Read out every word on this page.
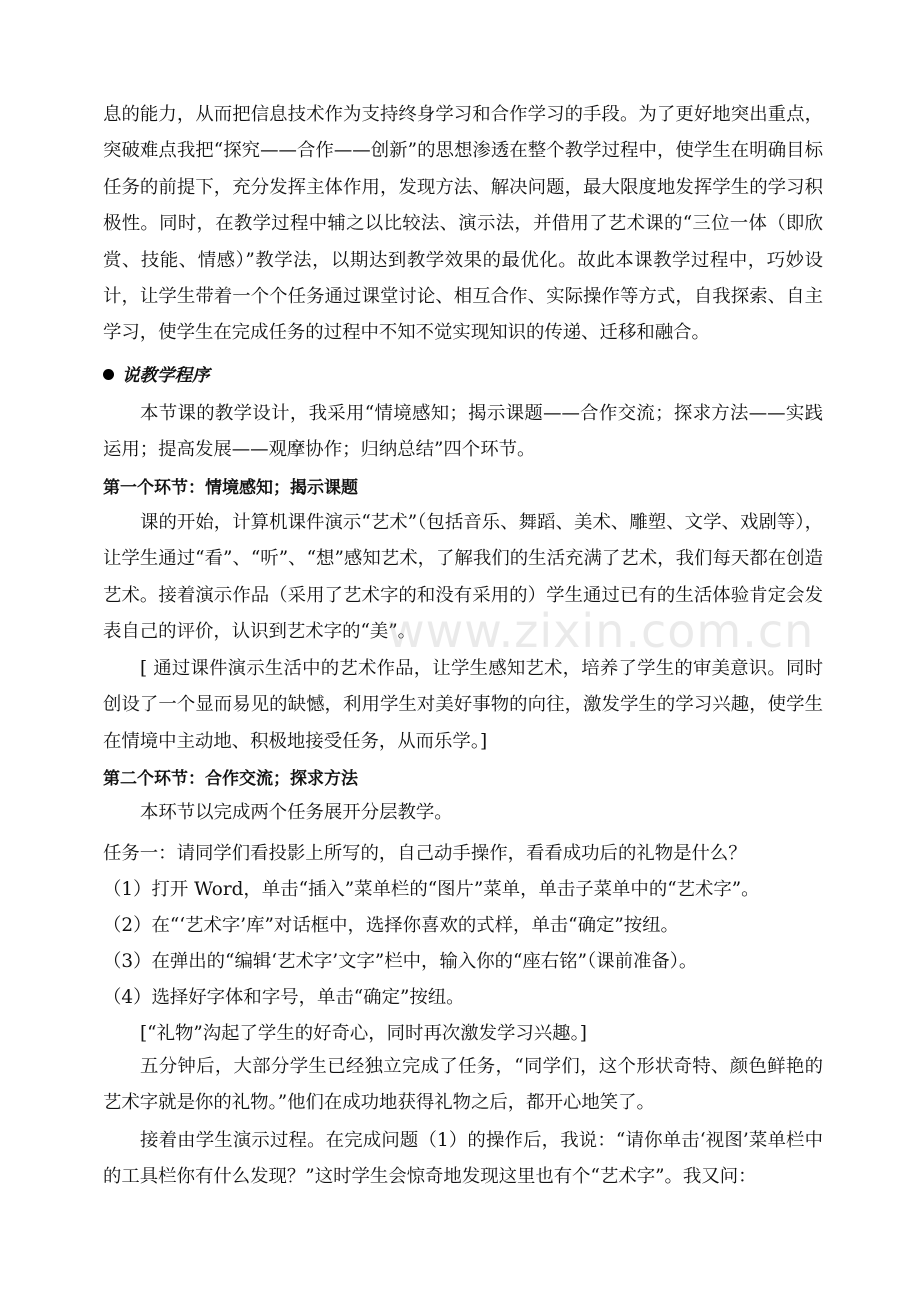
息的能力，从而把信息技术作为支持终身学习和合作学习的手段。为了更好地突出重点，突破难点我把“探究——合作——创新”的思想渗透在整个教学过程中，使学生在明确目标任务的前提下，充分发挥主体作用，发现方法、解决问题，最大限度地发挥学生的学习积极性。同时，在教学过程中辅之以比较法、演示法，并借用了艺术课的“三位一体（即欣赏、技能、情感）”教学法，以期达到教学效果的最优化。故此本课教学过程中，巧妙设计，让学生带着一个个任务通过课堂讨论、相互合作、实际操作等方式，自我探索、自主学习，使学生在完成任务的过程中不知不觉实现知识的传递、迁移和融合。

说教学程序

本节课的教学设计，我采用“情境感知；揭示课题——合作交流；探求方法——实践运用；提高发展——观摩协作；归纳总结”四个环节。

第一个环节：情境感知；揭示课题

课的开始，计算机课件演示“艺术”（包括音乐、舞蹈、美术、雕塑、文学、戏剧等），让学生通过“看”、“听”、“想”感知艺术，了解我们的生活充满了艺术，我们每天都在创造艺术。接着演示作品（采用了艺术字的和没有采用的）学生通过已有的生活体验肯定会发表自己的评价，认识到艺术字的“美”。

[ 通过课件演示生活中的艺术作品，让学生感知艺术，培养了学生的审美意识。同时创设了一个显而易见的缺憾，利用学生对美好事物的向往，激发学生的学习兴趣，使学生在情境中主动地、积极地接受任务，从而乐学。]

第二个环节：合作交流；探求方法

本环节以完成两个任务展开分层教学。

任务一：请同学们看投影上所写的，自己动手操作，看看成功后的礼物是什么？

（1）打开 Word，单击“插入”菜单栏的“图片”菜单，单击子菜单中的“艺术字”。

（2）在“‘艺术字’库”对话框中，选择你喜欢的式样，单击“确定”按纽。

（3）在弹出的“编辑‘艺术字’文字”栏中，输入你的“座右铭”（课前准备）。

（4）选择好字体和字号，单击“确定”按纽。

[“礼物”沟起了学生的好奇心，同时再次激发学习兴趣。]

五分钟后，大部分学生已经独立完成了任务，“同学们，这个形状奇特、颜色鲜艳的艺术字就是你的礼物。”他们在成功地获得礼物之后，都开心地笑了。

接着由学生演示过程。在完成问题（1）的操作后，我说：“请你单击‘视图’菜单栏中的工具栏你有什么发现？”这时学生会惊奇地发现这里也有个“艺术字”。我又问：

www.zixin.com.cn
